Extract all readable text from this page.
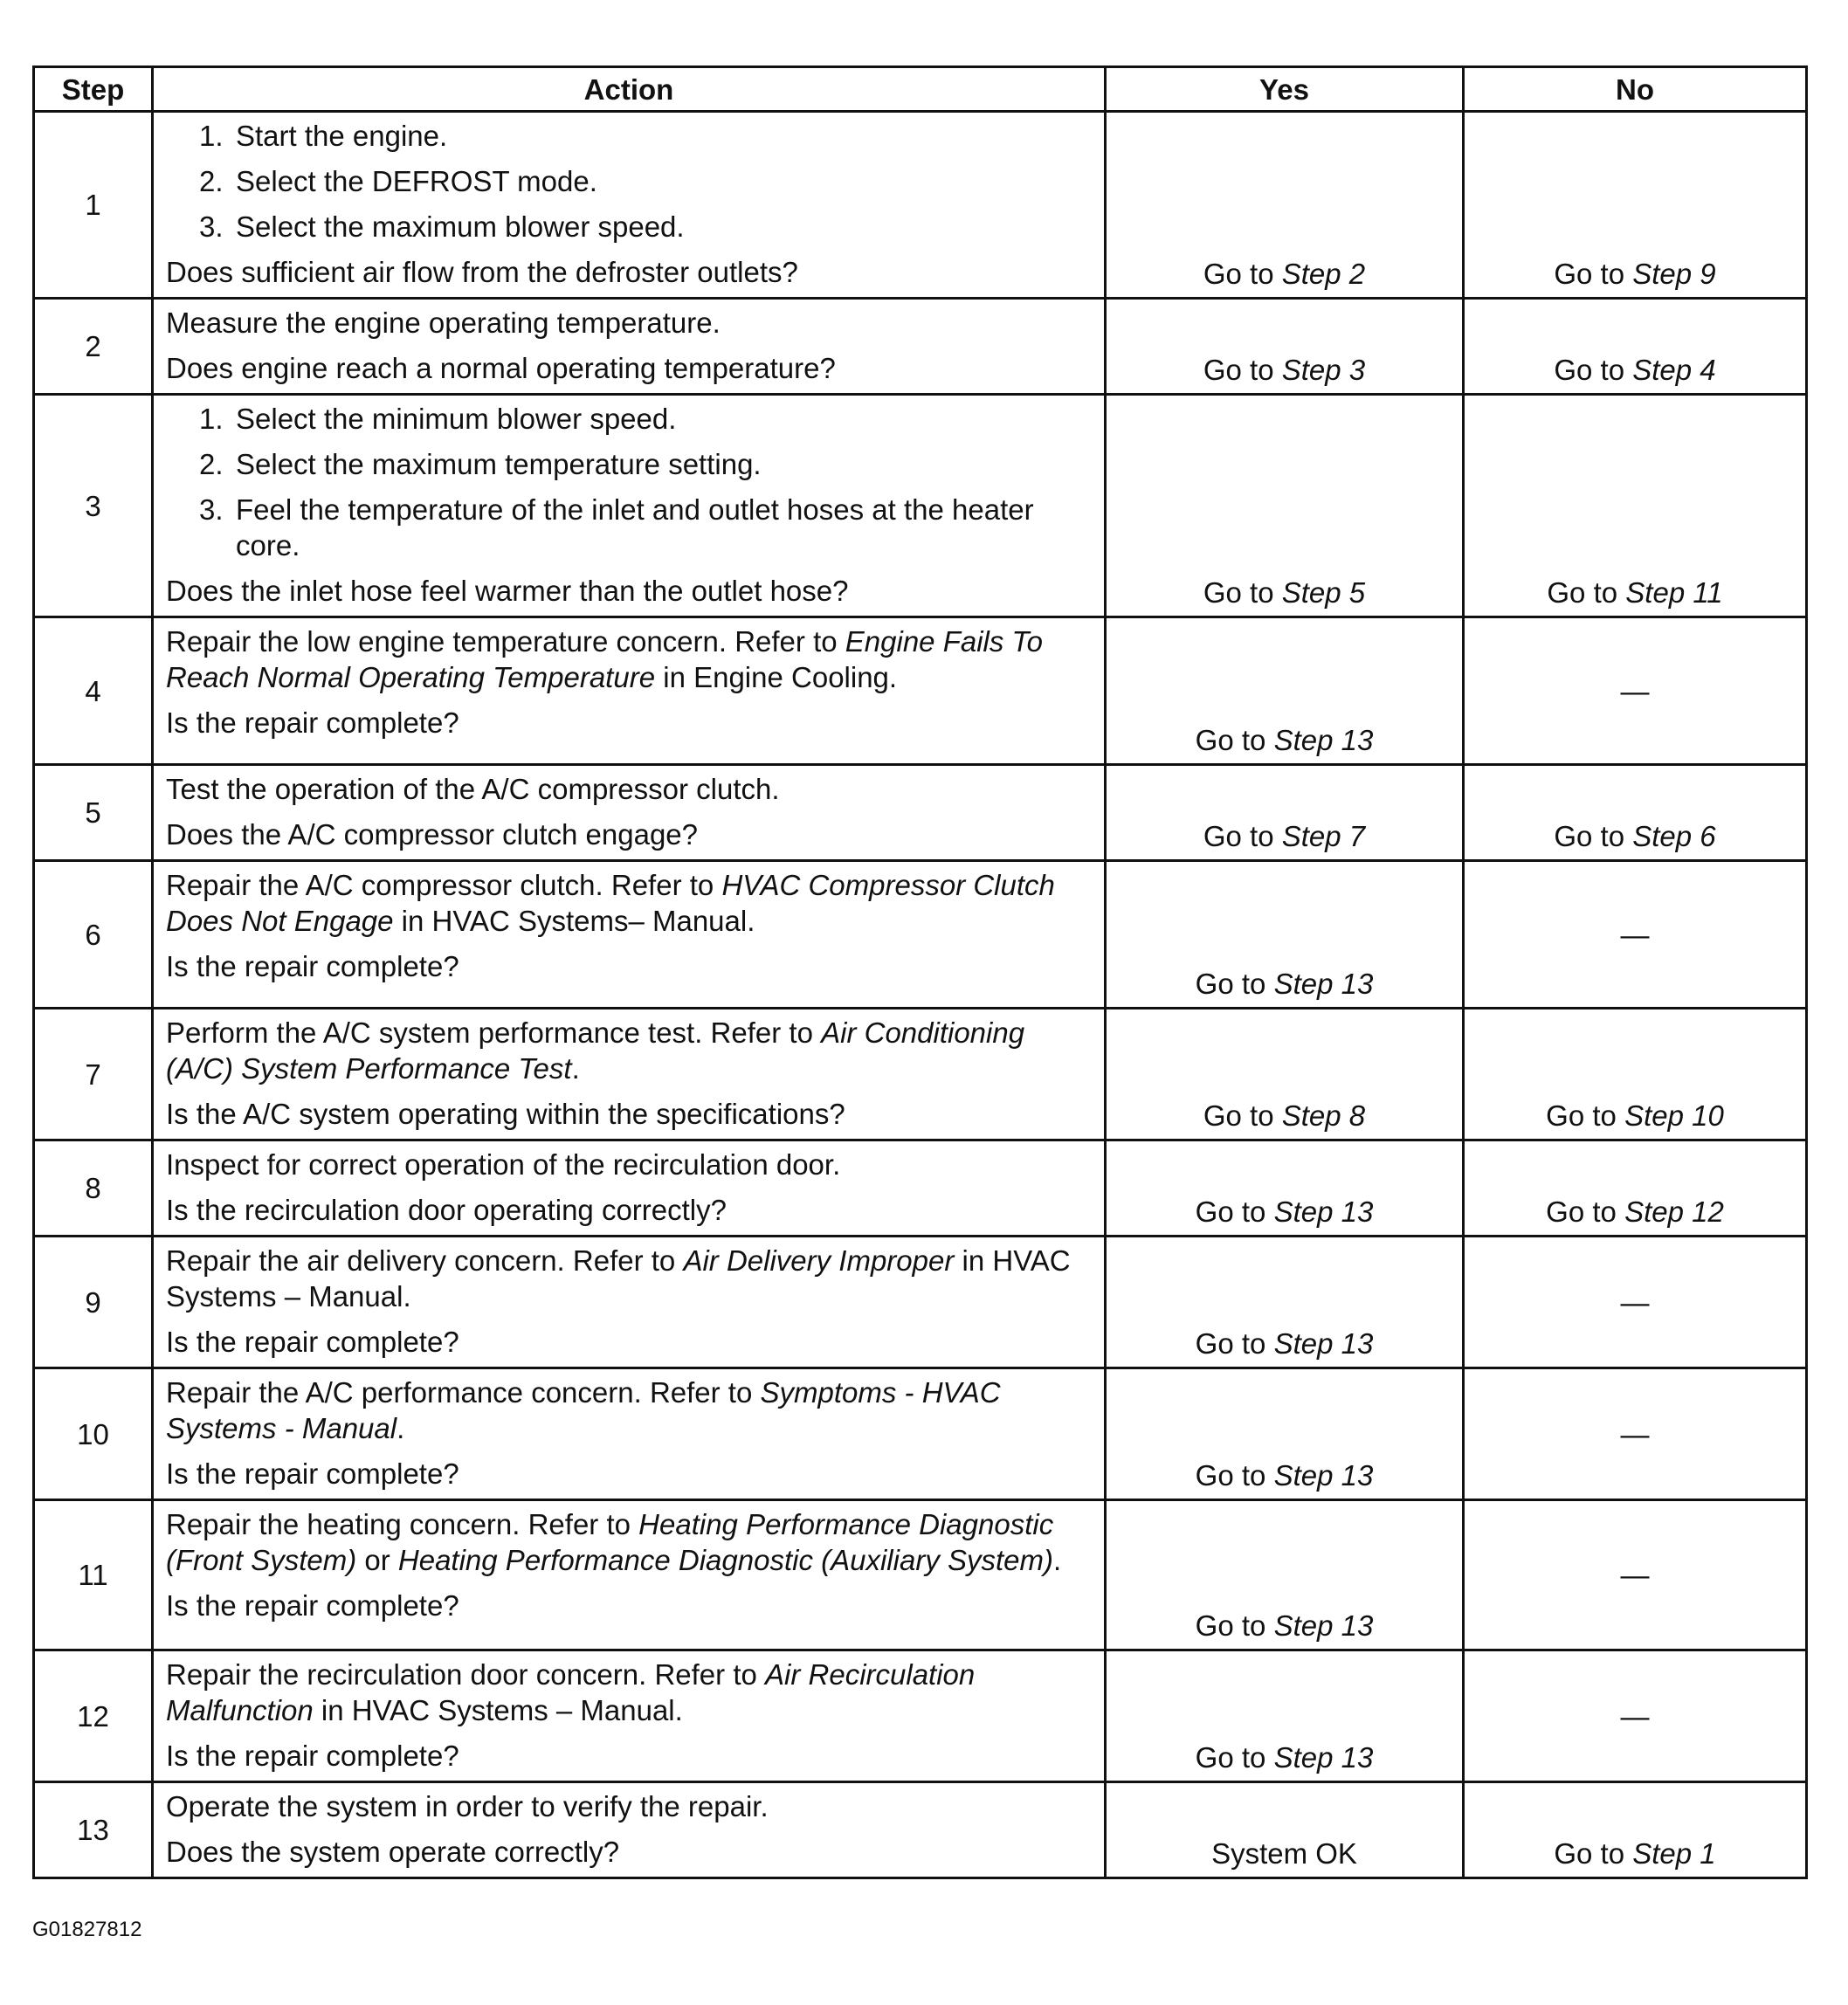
Step	Action	Yes	No
1	1. Start the engine.
2. Select the DEFROST mode.
3. Select the maximum blower speed.
Does sufficient air flow from the defroster outlets?	Go to Step 2	Go to Step 9
2	Measure the engine operating temperature.
Does engine reach a normal operating temperature?	Go to Step 3	Go to Step 4
3	1. Select the minimum blower speed.
2. Select the maximum temperature setting.
3. Feel the temperature of the inlet and outlet hoses at the heater core.
Does the inlet hose feel warmer than the outlet hose?	Go to Step 5	Go to Step 11
4	Repair the low engine temperature concern. Refer to Engine Fails To Reach Normal Operating Temperature in Engine Cooling.
Is the repair complete?	Go to Step 13	—
5	Test the operation of the A/C compressor clutch.
Does the A/C compressor clutch engage?	Go to Step 7	Go to Step 6
6	Repair the A/C compressor clutch. Refer to HVAC Compressor Clutch Does Not Engage in HVAC Systems– Manual.
Is the repair complete?	Go to Step 13	—
7	Perform the A/C system performance test. Refer to Air Conditioning (A/C) System Performance Test.
Is the A/C system operating within the specifications?	Go to Step 8	Go to Step 10
8	Inspect for correct operation of the recirculation door.
Is the recirculation door operating correctly?	Go to Step 13	Go to Step 12
9	Repair the air delivery concern. Refer to Air Delivery Improper in HVAC Systems – Manual.
Is the repair complete?	Go to Step 13	—
10	Repair the A/C performance concern. Refer to Symptoms - HVAC Systems - Manual.
Is the repair complete?	Go to Step 13	—
11	Repair the heating concern. Refer to Heating Performance Diagnostic (Front System) or Heating Performance Diagnostic (Auxiliary System).
Is the repair complete?	Go to Step 13	—
12	Repair the recirculation door concern. Refer to Air Recirculation Malfunction in HVAC Systems – Manual.
Is the repair complete?	Go to Step 13	—
13	Operate the system in order to verify the repair.
Does the system operate correctly?	System OK	Go to Step 1
G01827812
